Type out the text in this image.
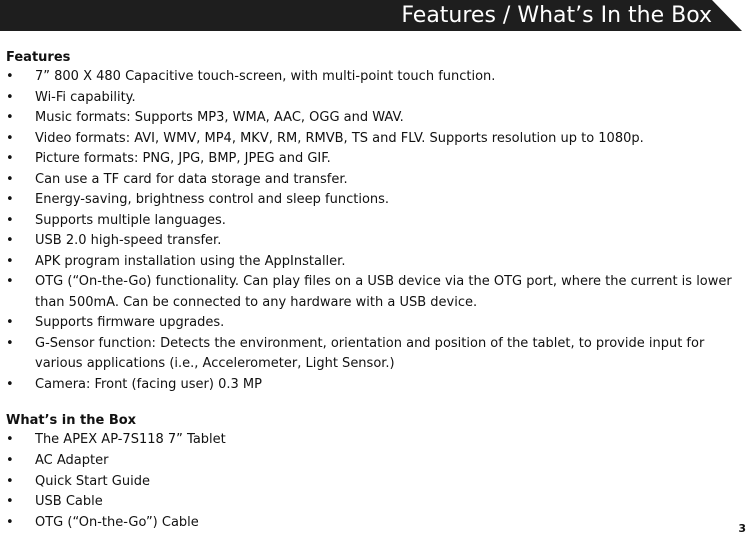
Features / What’s In the Box
Features
• 7” 800 X 480 Capacitive touch-screen, with multi-point touch function.
• Wi-Fi capability.
• Music formats: Supports MP3, WMA, AAC, OGG and WAV.
• Video formats: AVI, WMV, MP4, MKV, RM, RMVB, TS and FLV. Supports resolution up to 1080p.
• Picture formats: PNG, JPG, BMP, JPEG and GIF.
• Can use a TF card for data storage and transfer.
• Energy-saving, brightness control and sleep functions.
• Supports multiple languages.
• USB 2.0 high-speed transfer.
• APK program installation using the AppInstaller.
• OTG (“On-the-Go) functionality. Can play files on a USB device via the OTG port, where the current is lower than 500mA. Can be connected to any hardware with a USB device.
• Supports firmware upgrades.
• G-Sensor function: Detects the environment, orientation and position of the tablet, to provide input for various applications (i.e., Accelerometer, Light Sensor.)
• Camera: Front (facing user) 0.3 MP
What’s in the Box
• The APEX AP-7S118 7” Tablet
• AC Adapter
• Quick Start Guide
• USB Cable
• OTG (“On-the-Go”) Cable	3
